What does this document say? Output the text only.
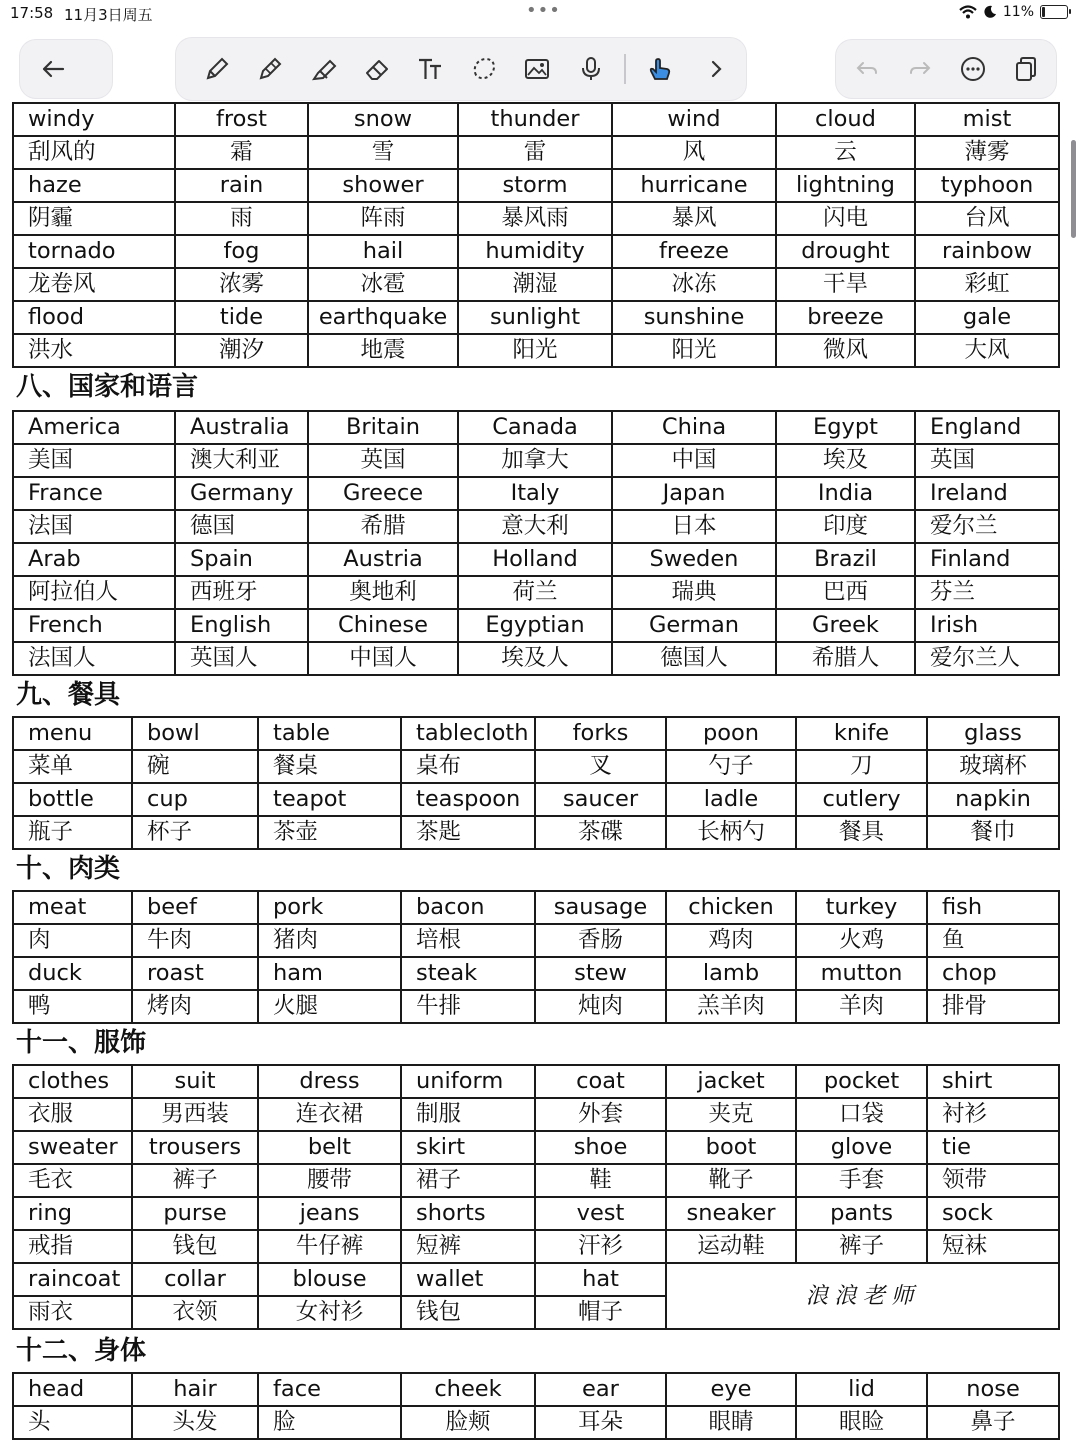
17:58 11月3日周五	•••	11%
windy	frost	snow	thunder	wind	cloud	mist
刮风的	霜	雪	雷	风	云	薄雾
haze	rain	shower	storm	hurricane	lightning	typhoon
阴霾	雨	阵雨	暴风雨	暴风	闪电	台风
tornado	fog	hail	humidity	freeze	drought	rainbow
龙卷风	浓雾	冰雹	潮湿	冰冻	干旱	彩虹
flood	tide	earthquake	sunlight	sunshine	breeze	gale
洪水	潮汐	地震	阳光	阳光	微风	大风
八、国家和语言
America	Australia	Britain	Canada	China	Egypt	England
美国	澳大利亚	英国	加拿大	中国	埃及	英国
France	Germany	Greece	Italy	Japan	India	Ireland
法国	德国	希腊	意大利	日本	印度	爱尔兰
Arab	Spain	Austria	Holland	Sweden	Brazil	Finland
阿拉伯人	西班牙	奥地利	荷兰	瑞典	巴西	芬兰
French	English	Chinese	Egyptian	German	Greek	Irish
法国人	英国人	中国人	埃及人	德国人	希腊人	爱尔兰人
九、餐具
menu	bowl	table	tablecloth	forks	poon	knife	glass
菜单	碗	餐桌	桌布	叉	勺子	刀	玻璃杯
bottle	cup	teapot	teaspoon	saucer	ladle	cutlery	napkin
瓶子	杯子	茶壶	茶匙	茶碟	长柄勺	餐具	餐巾
十、肉类
meat	beef	pork	bacon	sausage	chicken	turkey	fish
肉	牛肉	猪肉	培根	香肠	鸡肉	火鸡	鱼
duck	roast	ham	steak	stew	lamb	mutton	chop
鸭	烤肉	火腿	牛排	炖肉	羔羊肉	羊肉	排骨
十一、服饰
clothes	suit	dress	uniform	coat	jacket	pocket	shirt
衣服	男西装	连衣裙	制服	外套	夹克	口袋	衬衫
sweater	trousers	belt	skirt	shoe	boot	glove	tie
毛衣	裤子	腰带	裙子	鞋	靴子	手套	领带
ring	purse	jeans	shorts	vest	sneaker	pants	sock
戒指	钱包	牛仔裤	短裤	汗衫	运动鞋	裤子	短袜
raincoat	collar	blouse	wallet	hat	浪浪老师		
雨衣	衣领	女衬衫	钱包	帽子			
十二、身体
head	hair	face	cheek	ear	eye	lid	nose
头	头发	脸	脸颊	耳朵	眼睛	眼睑	鼻子
